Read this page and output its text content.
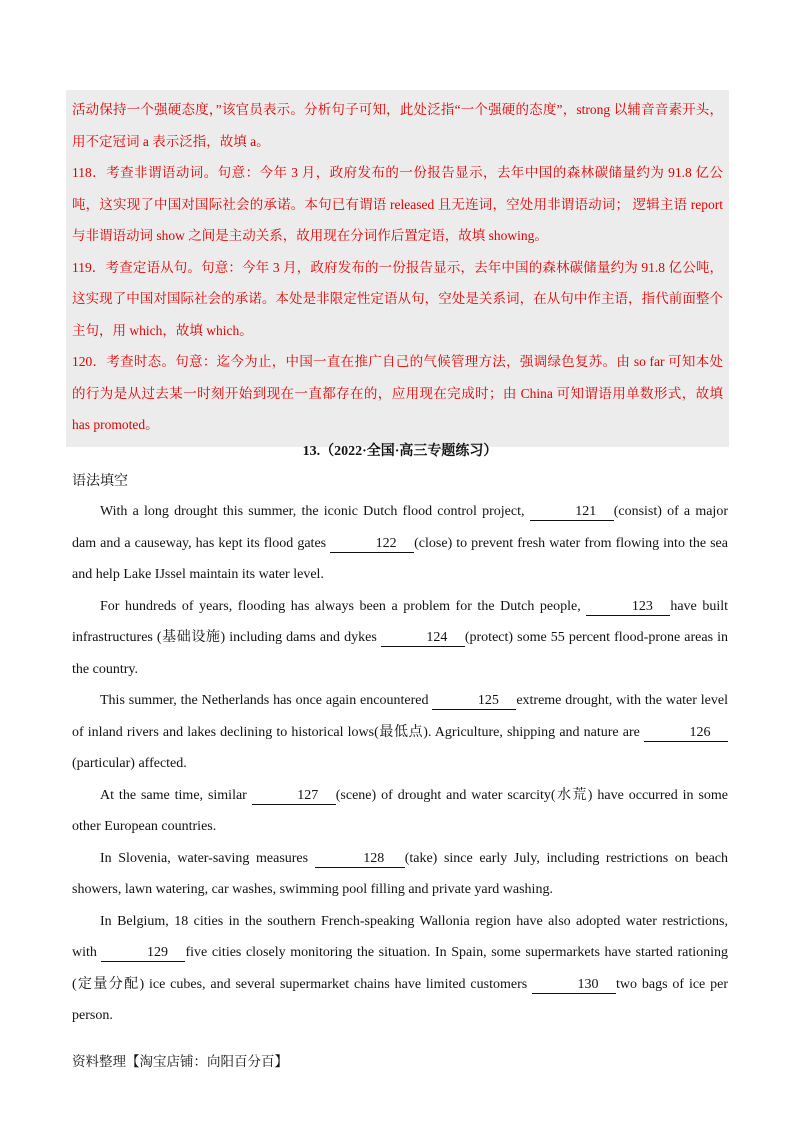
活动保持一个强硬态度，”该官员表示。分析句子可知，此处泛指“一个强硬的态度”，strong 以辅音音素开头，用不定冠词 a 表示泛指，故填 a。

118．考查非谓语动词。句意：今年 3 月，政府发布的一份报告显示，去年中国的森林碳储量约为 91.8 亿公吨，这实现了中国对国际社会的承诺。本句已有谓语 released 且无连词，空处用非谓语动词； 逻辑主语 report 与非谓语动词 show 之间是主动关系，故用现在分词作后置定语，故填 showing。

119．考查定语从句。句意：今年 3 月，政府发布的一份报告显示，去年中国的森林碳储量约为 91.8 亿公吨，这实现了中国对国际社会的承诺。本处是非限定性定语从句，空处是关系词，在从句中作主语，指代前面整个主句，用 which，故填 which。

120．考查时态。句意：迄今为止，中国一直在推广自己的气候管理方法，强调绿色复苏。由 so far 可知本处的行为是从过去某一时刻开始到现在一直都存在的，应用现在完成时；由 China 可知谓语用单数形式，故填 has promoted。

13.（2022·全国·高三专题练习）
语法填空

With a long drought this summer, the iconic Dutch flood control project,	121 (consist) of a major dam and a causeway, has kept its flood gates	122 (close) to prevent fresh water from flowing into the sea and help Lake IJssel maintain its water level.

For hundreds of years, flooding has always been a problem for the Dutch people,	123 have built infrastructures (基础设施) including dams and dykes	124 (protect) some 55 percent flood-prone areas in the country.

This summer, the Netherlands has once again encountered	125 extreme drought, with the water level of inland rivers and lakes declining to historical lows(最低点). Agriculture, shipping and nature are	126(particular) affected.

At the same time, similar	127 (scene) of drought and water scarcity(水荒) have occurred in some other European countries.

In Slovenia, water-saving measures	128 (take) since early July, including restrictions on beach showers, lawn watering, car washes, swimming pool filling and private yard washing.

In Belgium, 18 cities in the southern French-speaking Wallonia region have also adopted water restrictions, with	129 five cities closely monitoring the situation. In Spain, some supermarkets have started rationing (定量分配) ice cubes, and several supermarket chains have limited customers	130 two bags of ice per person.

资料整理【淘宝店铺：向阳百分百】
